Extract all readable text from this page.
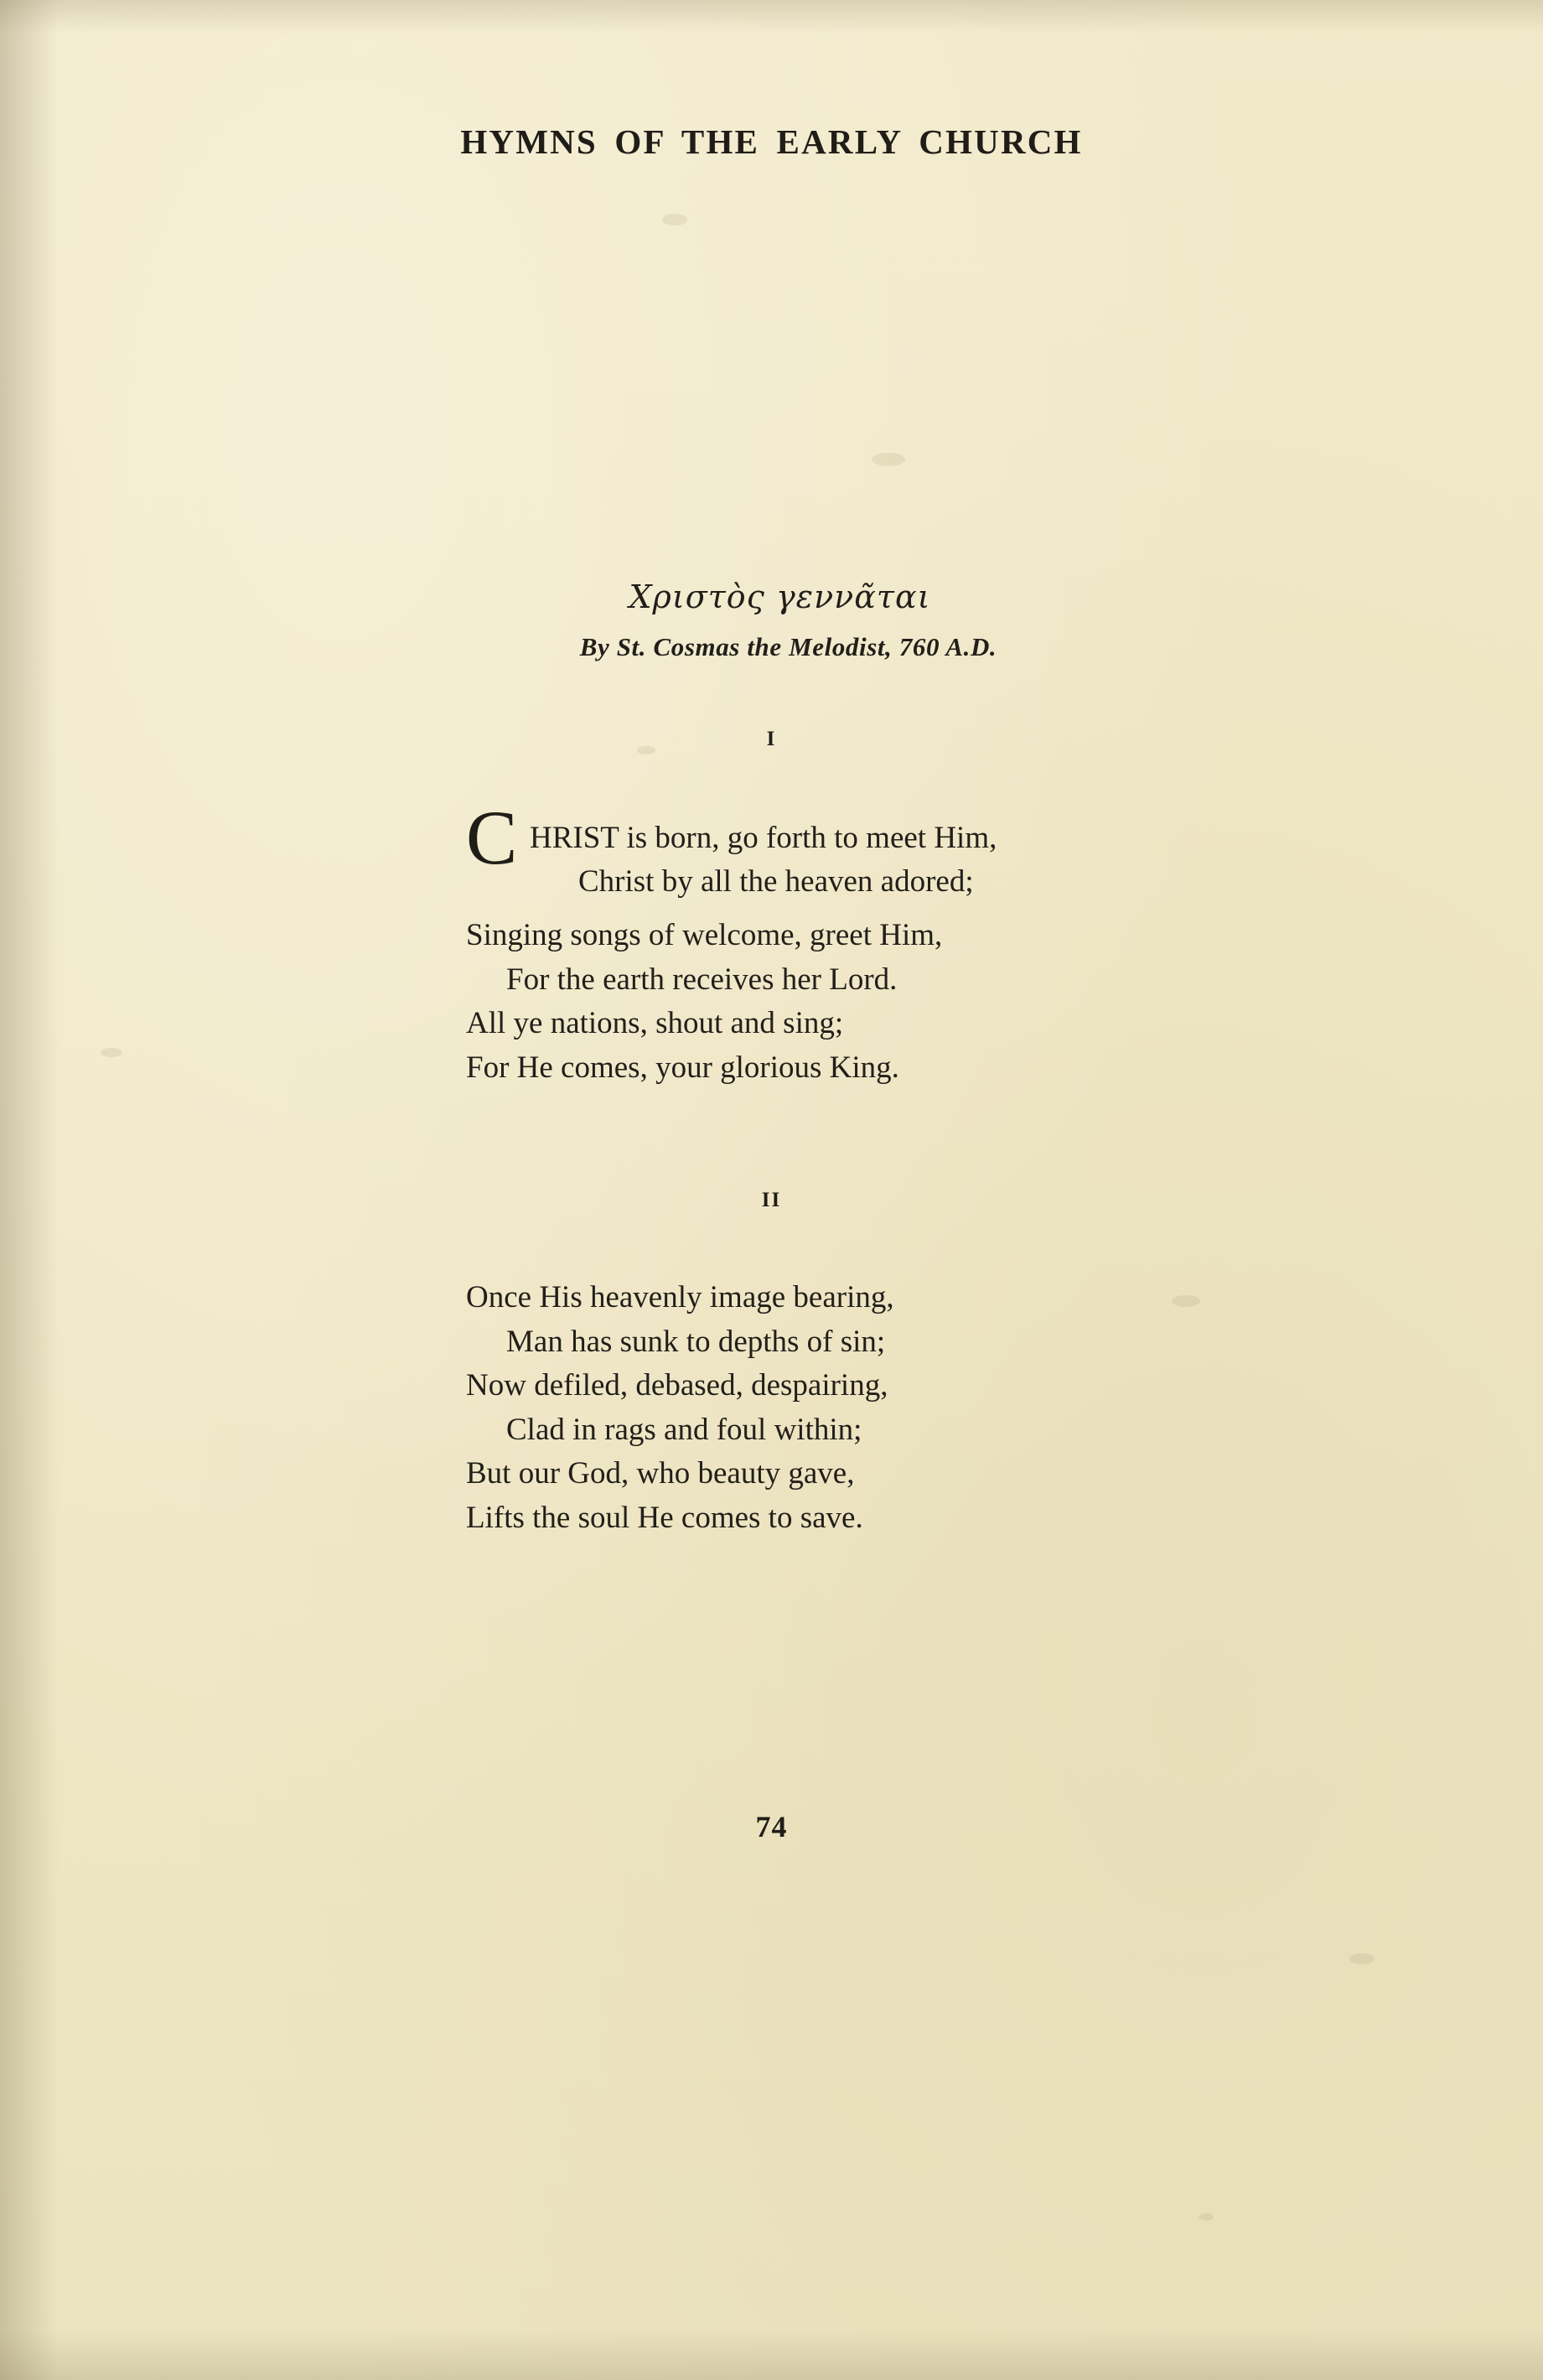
HYMNS OF THE EARLY CHURCH
Χριστὸς γεννᾶται
By St. Cosmas the Melodist, 760 A.D.
I
C HRIST is born, go forth to meet Him,
Christ by all the heaven adored;
Singing songs of welcome, greet Him,
For the earth receives her Lord.
All ye nations, shout and sing;
For He comes, your glorious King.
II
Once His heavenly image bearing,
Man has sunk to depths of sin;
Now defiled, debased, despairing,
Clad in rags and foul within;
But our God, who beauty gave,
Lifts the soul He comes to save.
74
